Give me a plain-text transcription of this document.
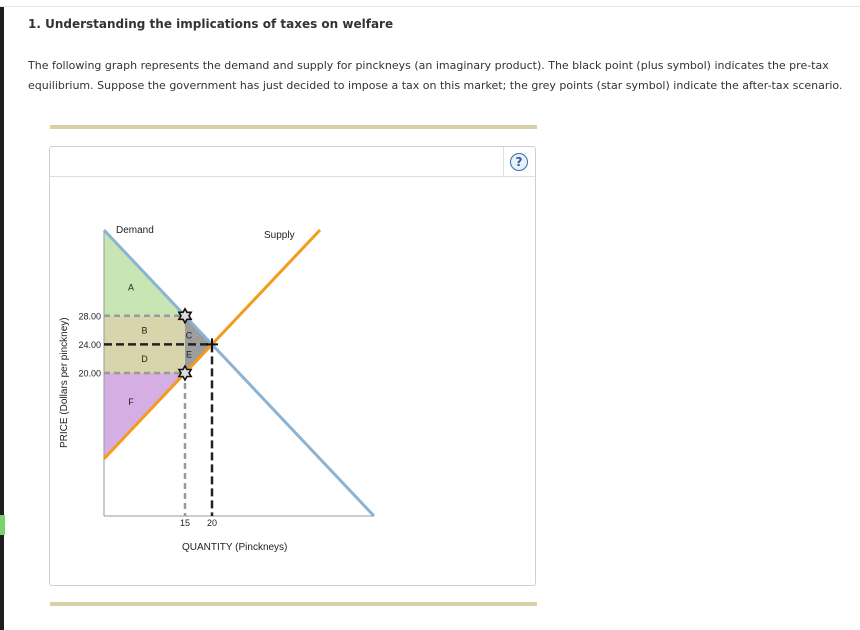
1. Understanding the implications of taxes on welfare
The following graph represents the demand and supply for pinckneys (an imaginary product). The black point (plus symbol) indicates the pre-tax
equilibrium. Suppose the government has just decided to impose a tax on this market; the grey points (star symbol) indicate the after-tax scenario.
?
Demand	Supply
QUANTITY (Pinckneys)
PRICE (Dollars per pinckney)
28.00
24.00
20.00
15 20
A
B	C
D	E
F
